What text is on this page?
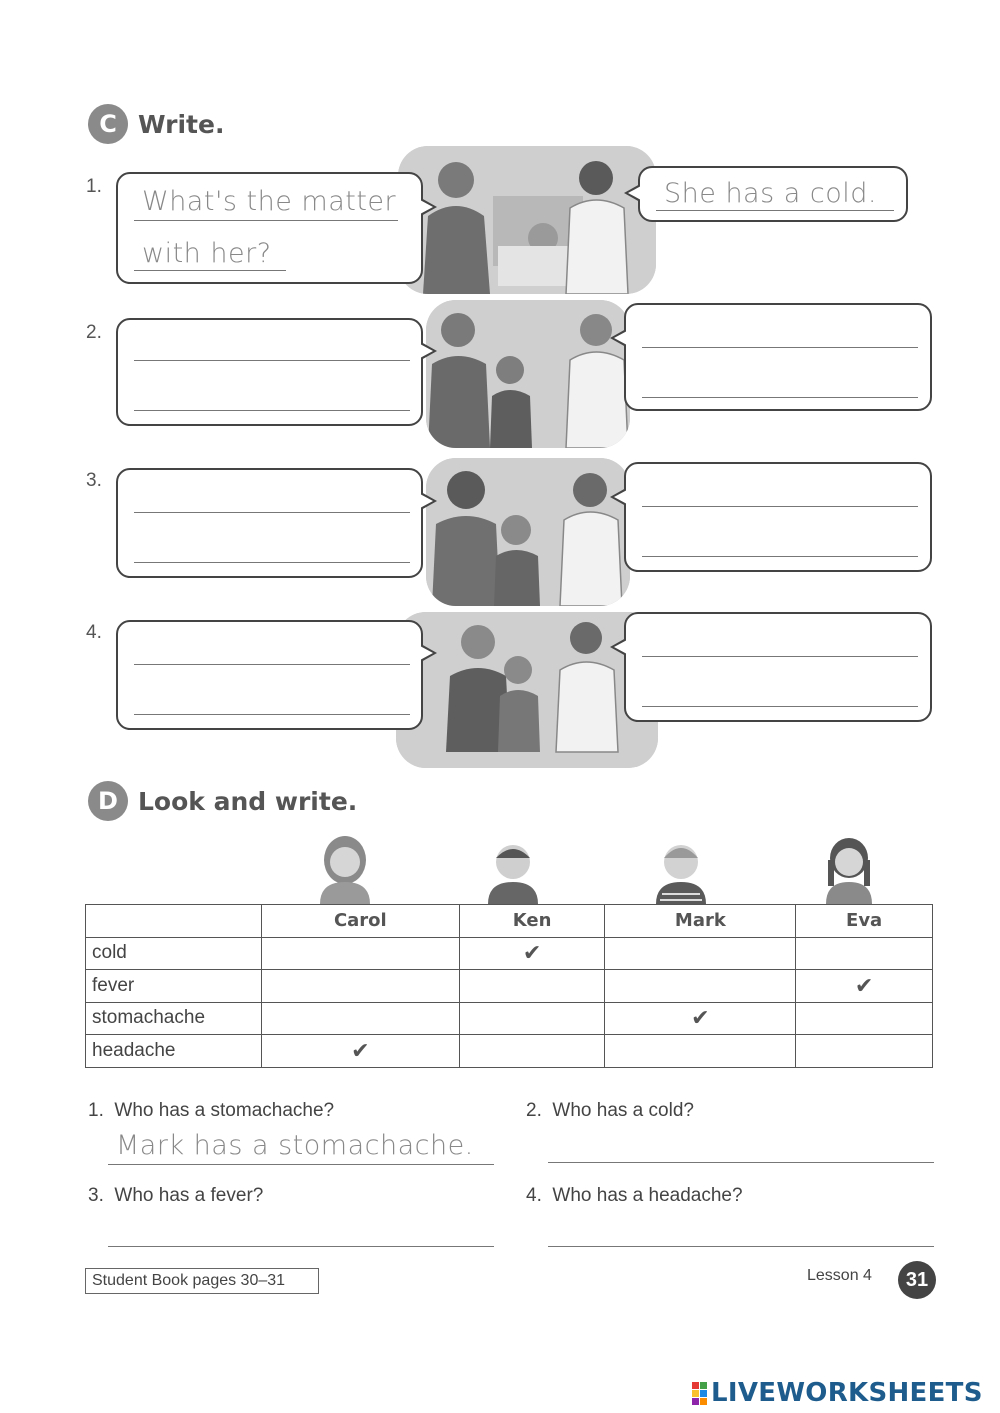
C Write.
1. What's the matter
with her?
She has a cold.
2.
3.
4.
D Look and write.
	Carol	Ken	Mark	Eva
cold		✔		
fever				✔
stomachache			✔	
headache	✔			
1. Who has a stomachache?
Mark has a stomachache.
2. Who has a cold?
3. Who has a fever?	4. Who has a headache?
Student Book pages 30–31	Lesson 4	31
LIVEWORKSHEETS
